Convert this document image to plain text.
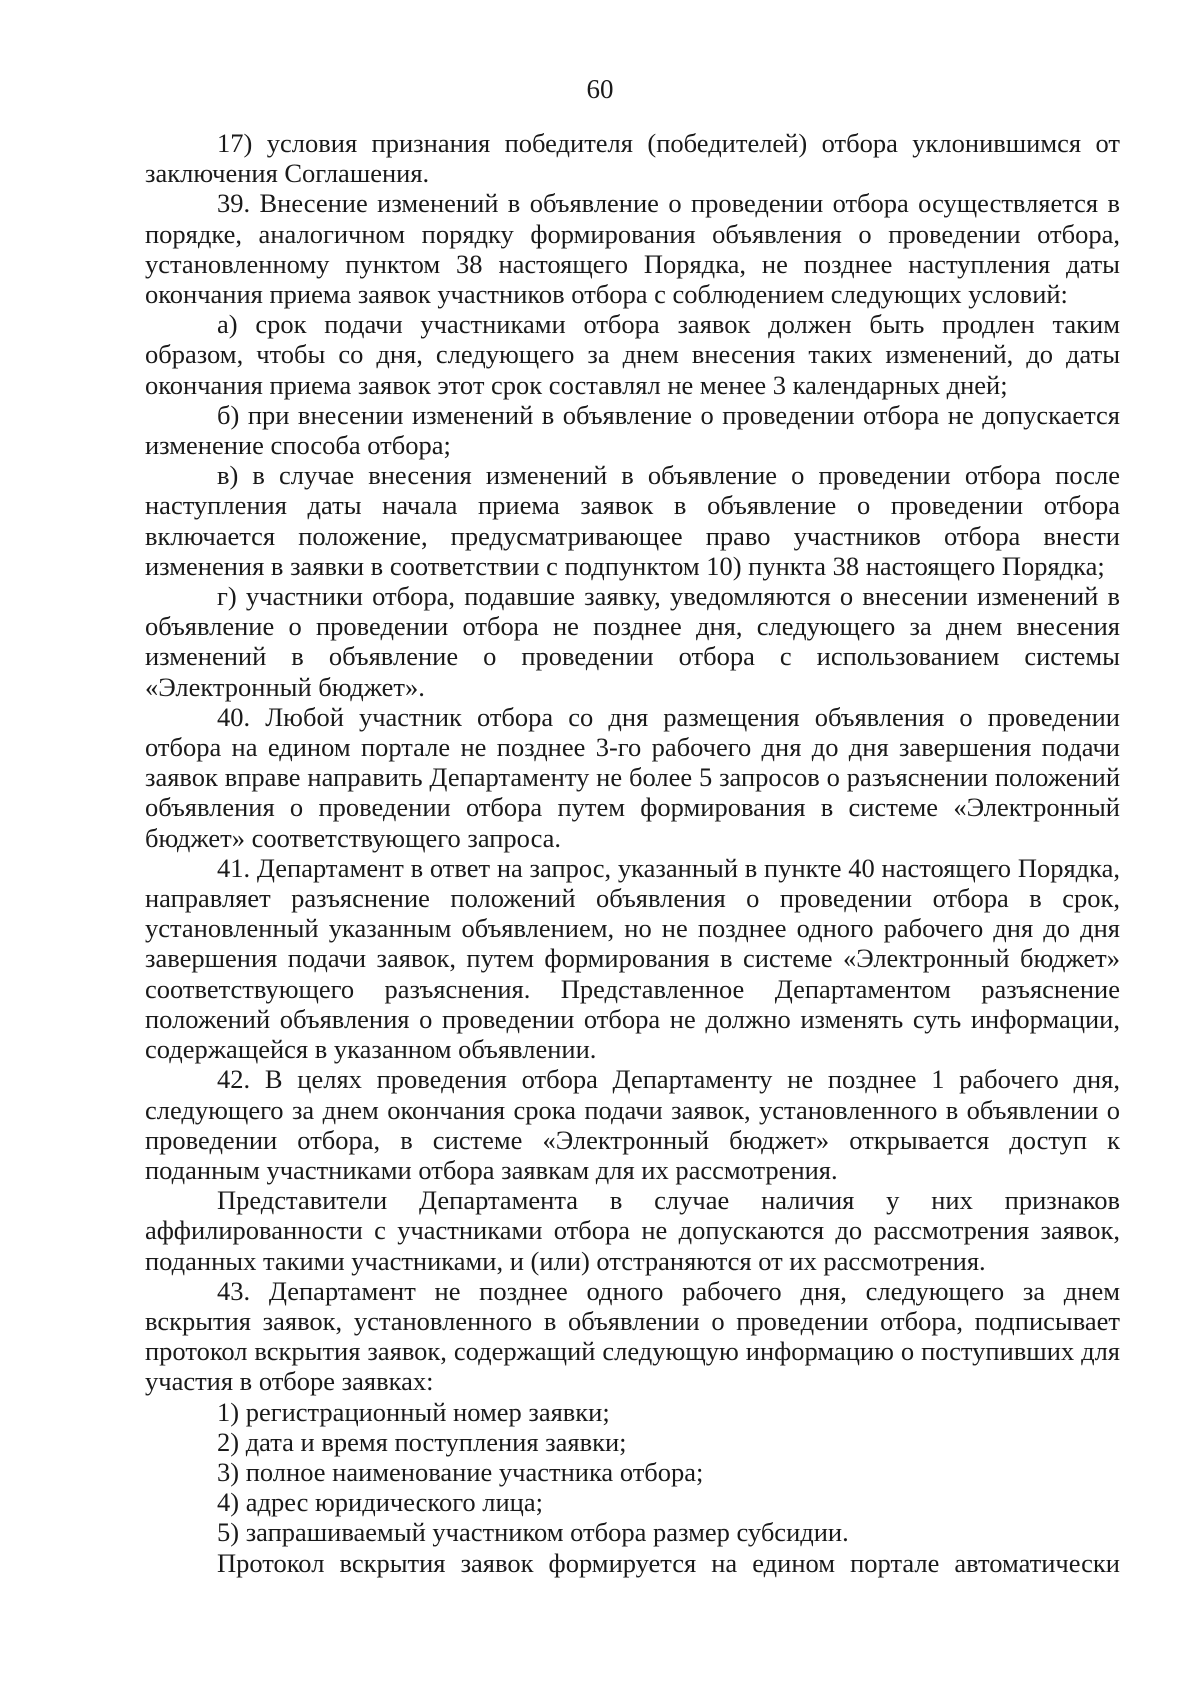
60

17) условия признания победителя (победителей) отбора уклонившимся от заключения Соглашения.

39. Внесение изменений в объявление о проведении отбора осуществляется в порядке, аналогичном порядку формирования объявления о проведении отбора, установленному пунктом 38 настоящего Порядка, не позднее наступления даты окончания приема заявок участников отбора с соблюдением следующих условий:

а) срок подачи участниками отбора заявок должен быть продлен таким образом, чтобы со дня, следующего за днем внесения таких изменений, до даты окончания приема заявок этот срок составлял не менее 3 календарных дней;

б) при внесении изменений в объявление о проведении отбора не допускается изменение способа отбора;

в) в случае внесения изменений в объявление о проведении отбора после наступления даты начала приема заявок в объявление о проведении отбора включается положение, предусматривающее право участников отбора внести изменения в заявки в соответствии с подпунктом 10) пункта 38 настоящего Порядка;

г) участники отбора, подавшие заявку, уведомляются о внесении изменений в объявление о проведении отбора не позднее дня, следующего за днем внесения изменений в объявление о проведении отбора с использованием системы «Электронный бюджет».

40. Любой участник отбора со дня размещения объявления о проведении отбора на едином портале не позднее 3-го рабочего дня до дня завершения подачи заявок вправе направить Департаменту не более 5 запросов о разъяснении положений объявления о проведении отбора путем формирования в системе «Электронный бюджет» соответствующего запроса.

41. Департамент в ответ на запрос, указанный в пункте 40 настоящего Порядка, направляет разъяснение положений объявления о проведении отбора в срок, установленный указанным объявлением, но не позднее одного рабочего дня до дня завершения подачи заявок, путем формирования в системе «Электронный бюджет» соответствующего разъяснения. Представленное Департаментом разъяснение положений объявления о проведении отбора не должно изменять суть информации, содержащейся в указанном объявлении.

42. В целях проведения отбора Департаменту не позднее 1 рабочего дня, следующего за днем окончания срока подачи заявок, установленного в объявлении о проведении отбора, в системе «Электронный бюджет» открывается доступ к поданным участниками отбора заявкам для их рассмотрения.

Представители Департамента в случае наличия у них признаков аффилированности с участниками отбора не допускаются до рассмотрения заявок, поданных такими участниками, и (или) отстраняются от их рассмотрения.

43. Департамент не позднее одного рабочего дня, следующего за днем вскрытия заявок, установленного в объявлении о проведении отбора, подписывает протокол вскрытия заявок, содержащий следующую информацию о поступивших для участия в отборе заявках:

1) регистрационный номер заявки;

2) дата и время поступления заявки;

3) полное наименование участника отбора;

4) адрес юридического лица;

5) запрашиваемый участником отбора размер субсидии.

Протокол вскрытия заявок формируется на едином портале автоматически
